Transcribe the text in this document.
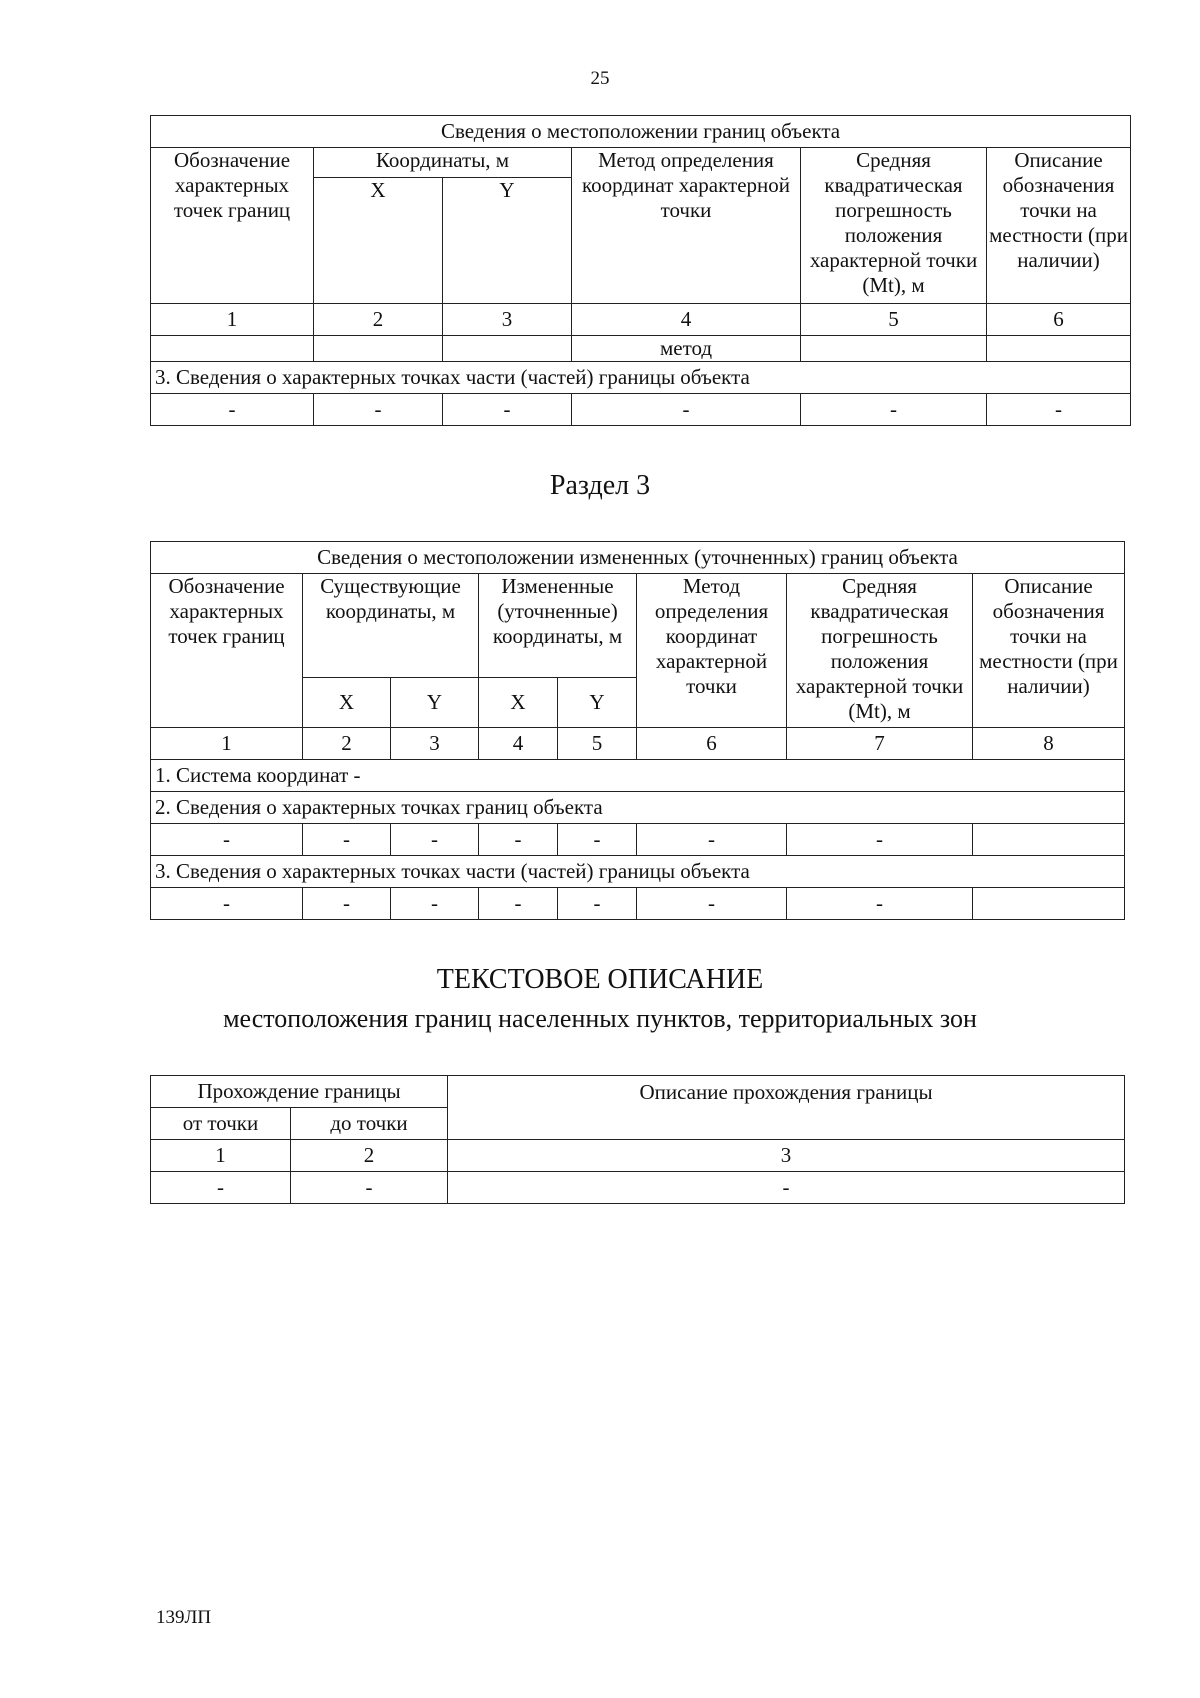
25
Сведения о местоположении границ объекта					
Обозначение характерных точек границ	Координаты, м		Метод определения координат характерной точки	Средняя квадратическая погрешность положения характерной точки (Mt), м	Описание обозначения точки на местности (при наличии)
	X	Y			
1	2	3	4	5	6
			метод		
3. Сведения о характерных точках части (частей) границы объекта					
-	-	-	-	-	-
Раздел 3
Сведения о местоположении измененных (уточненных) границ объекта							
Обозначение характерных точек границ	Существующие координаты, м		Измененные (уточненные) координаты, м		Метод определения координат характерной точки	Средняя квадратическая погрешность положения характерной точки (Mt), м	Описание обозначения точки на местности (при наличии)
	X	Y	X	Y			
1	2	3	4	5	6	7	8
1. Система координат -							
2. Сведения о характерных точках границ объекта							
-	-	-	-	-	-	-	
3. Сведения о характерных точках части (частей) границы объекта							
-	-	-	-	-	-	-	
ТЕКСТОВОЕ ОПИСАНИЕ
местоположения границ населенных пунктов, территориальных зон
Прохождение границы		Описание прохождения границы
от точки	до точки	
1	2	3
-	-	-
139ЛП
